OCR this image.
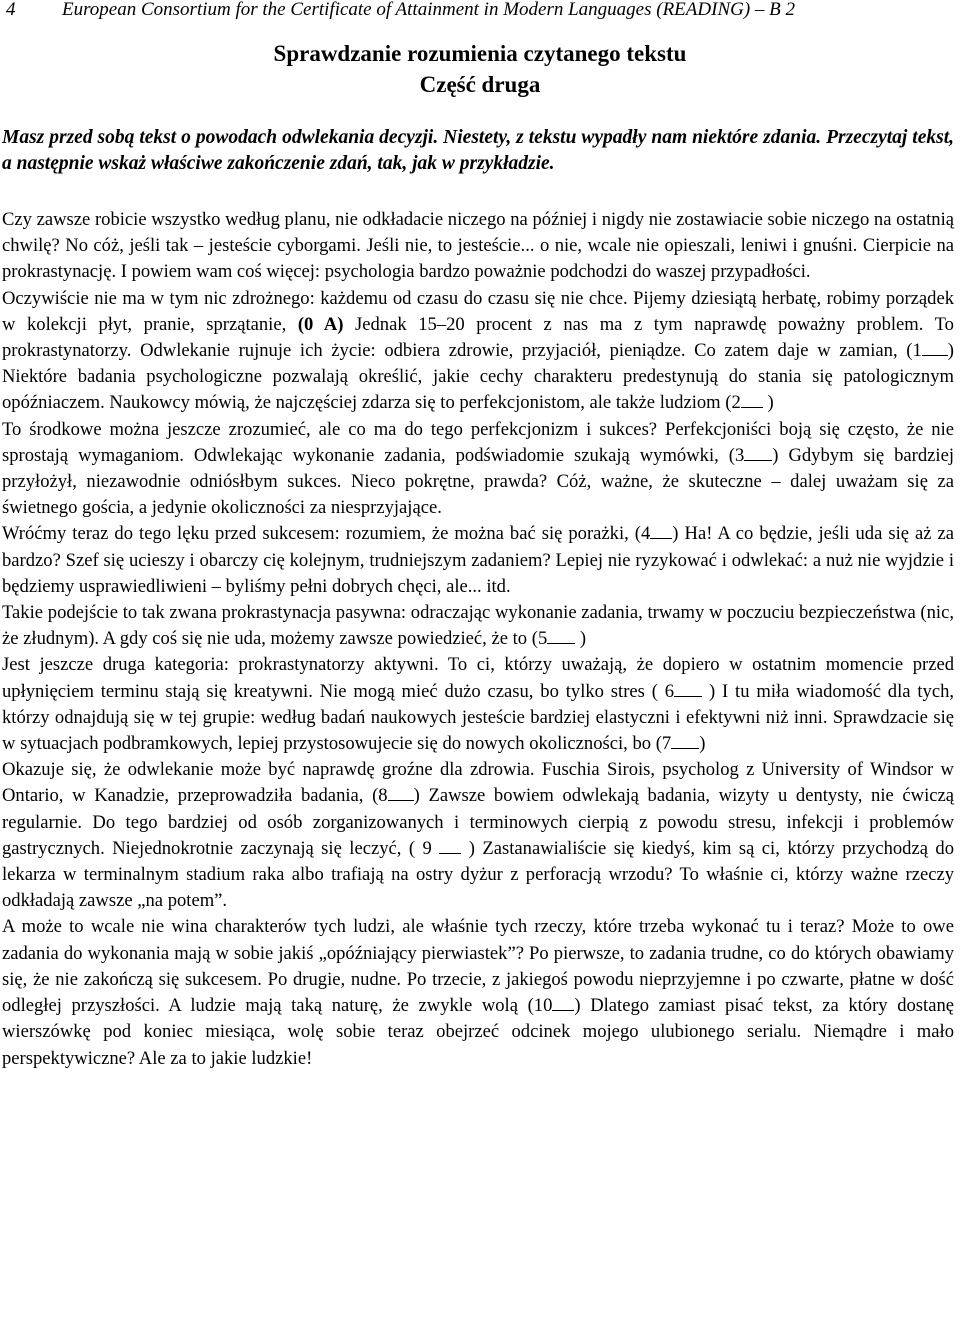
4 European Consortium for the Certificate of Attainment in Modern Languages (READING) – B 2
Sprawdzanie rozumienia czytanego tekstu
Część druga
Masz przed sobą tekst o powodach odwlekania decyzji. Niestety, z tekstu wypadły nam niektóre zdania. Przeczytaj tekst, a następnie wskaż właściwe zakończenie zdań, tak, jak w przykładzie.

Czy zawsze robicie wszystko według planu, nie odkładacie niczego na później i nigdy nie zostawiacie sobie niczego na ostatnią chwilę? No cóż, jeśli tak – jesteście cyborgami. Jeśli nie, to jesteście... o nie, wcale nie opieszali, leniwi i gnuśni. Cierpicie na prokrastynację. I powiem wam coś więcej: psychologia bardzo poważnie podchodzi do waszej przypadłości.

Oczywiście nie ma w tym nic zdrożnego: każdemu od czasu do czasu się nie chce. Pijemy dziesiątą herbatę, robimy porządek w kolekcji płyt, pranie, sprzątanie, (0 A) Jednak 15–20 procent z nas ma z tym naprawdę poważny problem. To prokrastynatorzy. Odwlekanie rujnuje ich życie: odbiera zdrowie, przyjaciół, pieniądze. Co zatem daje w zamian, (1 ) Niektóre badania psychologiczne pozwalają określić, jakie cechy charakteru predestynują do stania się patologicznym opóźniaczem. Naukowcy mówią, że najczęściej zdarza się to perfekcjonistom, ale także ludziom (2 )

To środkowe można jeszcze zrozumieć, ale co ma do tego perfekcjonizm i sukces? Perfekcjoniści boją się często, że nie sprostają wymaganiom. Odwlekając wykonanie zadania, podświadomie szukają wymówki, (3 ) Gdybym się bardziej przyłożył, niezawodnie odniósłbym sukces. Nieco pokrętne, prawda? Cóż, ważne, że skuteczne – dalej uważam się za świetnego gościa, a jedynie okoliczności za niesprzyjające.

Wróćmy teraz do tego lęku przed sukcesem: rozumiem, że można bać się porażki, (4 ) Ha! A co będzie, jeśli uda się aż za bardzo? Szef się ucieszy i obarczy cię kolejnym, trudniejszym zadaniem? Lepiej nie ryzykować i odwlekać: a nuż nie wyjdzie i będziemy usprawiedliwieni – byliśmy pełni dobrych chęci, ale... itd.

Takie podejście to tak zwana prokrastynacja pasywna: odraczając wykonanie zadania, trwamy w poczuciu bezpieczeństwa (nic, że złudnym). A gdy coś się nie uda, możemy zawsze powiedzieć, że to (5 )

Jest jeszcze druga kategoria: prokrastynatorzy aktywni. To ci, którzy uważają, że dopiero w ostatnim momencie przed upłynięciem terminu stają się kreatywni. Nie mogą mieć dużo czasu, bo tylko stres ( 6 ) I tu miła wiadomość dla tych, którzy odnajdują się w tej grupie: według badań naukowych jesteście bardziej elastyczni i efektywni niż inni. Sprawdzacie się w sytuacjach podbramkowych, lepiej przystosowujecie się do nowych okoliczności, bo (7 )

Okazuje się, że odwlekanie może być naprawdę groźne dla zdrowia. Fuschia Sirois, psycholog z University of Windsor w Ontario, w Kanadzie, przeprowadziła badania, (8 ) Zawsze bowiem odwlekają badania, wizyty u dentysty, nie ćwiczą regularnie. Do tego bardziej od osób zorganizowanych i terminowych cierpią z powodu stresu, infekcji i problemów gastrycznych. Niejednokrotnie zaczynają się leczyć, ( 9  ) Zastanawialiście się kiedyś, kim są ci, którzy przychodzą do lekarza w terminalnym stadium raka albo trafiają na ostry dyżur z perforacją wrzodu? To właśnie ci, którzy ważne rzeczy odkładają zawsze „na potem”.

A może to wcale nie wina charakterów tych ludzi, ale właśnie tych rzeczy, które trzeba wykonać tu i teraz? Może to owe zadania do wykonania mają w sobie jakiś „opóźniający pierwiastek”? Po pierwsze, to zadania trudne, co do których obawiamy się, że nie zakończą się sukcesem. Po drugie, nudne. Po trzecie, z jakiegoś powodu nieprzyjemne i po czwarte, płatne w dość odległej przyszłości. A ludzie mają taką naturę, że zwykle wolą (10 ) Dlatego zamiast pisać tekst, za który dostanę wierszówkę pod koniec miesiąca, wolę sobie teraz obejrzeć odcinek mojego ulubionego serialu. Niemądre i mało perspektywiczne? Ale za to jakie ludzkie!
